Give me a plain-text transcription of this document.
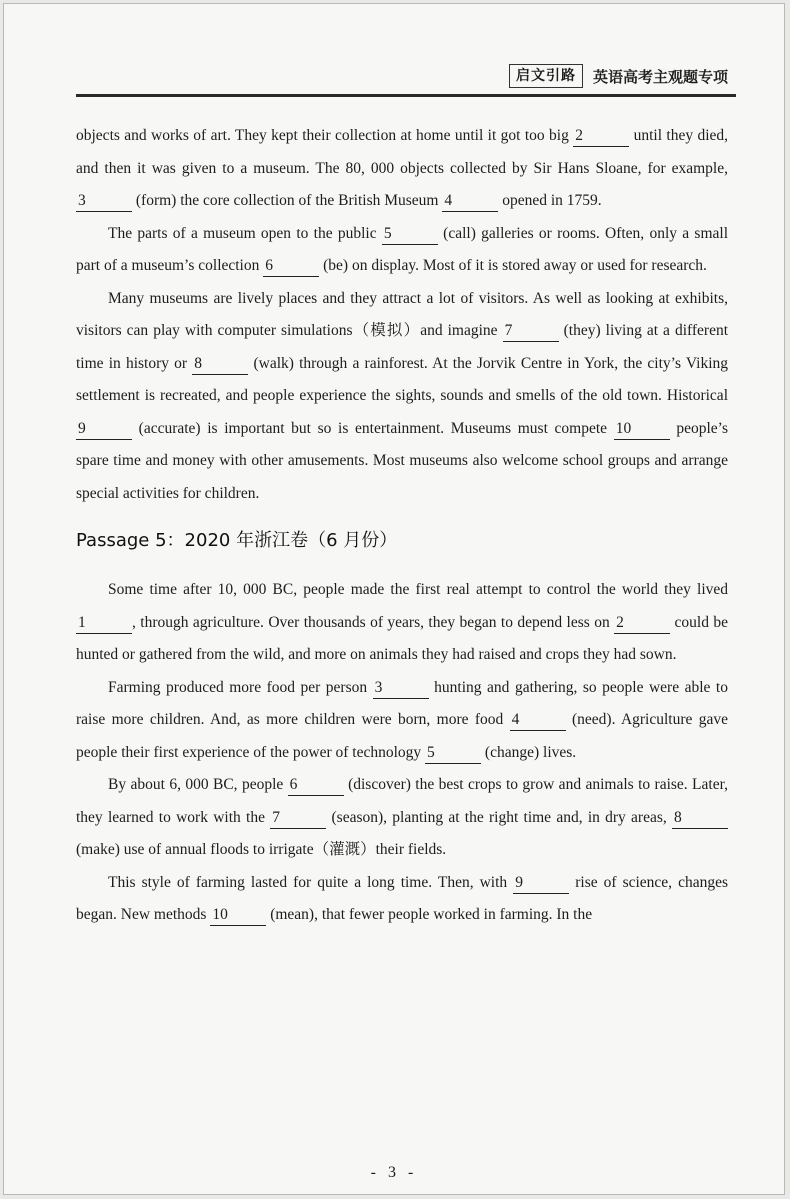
启文引路	英语高考主观题专项

objects and works of art. They kept their collection at home until it got too big 2	until they died, and then it was given to a museum. The 80, 000 objects collected by Sir Hans Sloane, for example, 3	(form) the core collection of the British Museum 4	opened in 1759.

The parts of a museum open to the public 5	(call) galleries or rooms. Often, only a small part of a museum’s collection 6	(be) on display. Most of it is stored away or used for research.

Many museums are lively places and they attract a lot of visitors. As well as looking at exhibits, visitors can play with computer simulations（模拟）and imagine 7	(they) living at a different time in history or 8	(walk) through a rainforest. At the Jorvik Centre in York, the city’s Viking settlement is recreated, and people experience the sights, sounds and smells of the old town. Historical 9	(accurate) is important but so is entertainment. Museums must compete 10	people’s spare time and money with other amusements. Most museums also welcome school groups and arrange special activities for children.

Passage 5：2020 年浙江卷（6 月份）

Some time after 10, 000 BC, people made the first real attempt to control the world they lived 1	, through agriculture. Over thousands of years, they began to depend less on 2	could be hunted or gathered from the wild, and more on animals they had raised and crops they had sown.

Farming produced more food per person 3	hunting and gathering, so people were able to raise more children. And, as more children were born, more food 4	(need). Agriculture gave people their first experience of the power of technology 5	(change) lives.

By about 6, 000 BC, people 6	(discover) the best crops to grow and animals to raise. Later, they learned to work with the 7	(season), planting at the right time and, in dry areas, 8 (make) use of annual floods to irrigate（灌溉）their fields.

This style of farming lasted for quite a long time. Then, with 9	rise of science, changes began. New methods 10	(mean), that fewer people worked in farming. In the

- 3 -
